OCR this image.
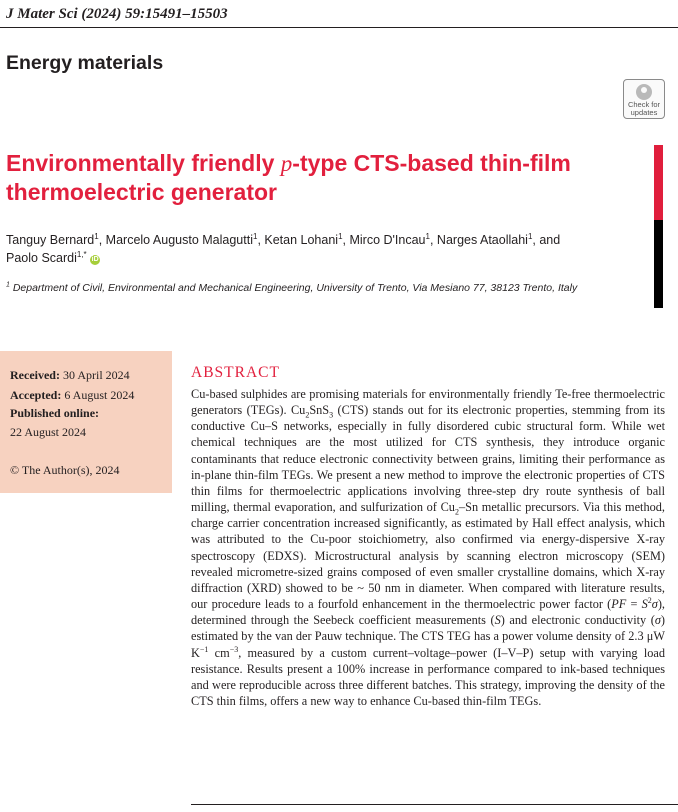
J Mater Sci (2024) 59:15491–15503
Energy materials
Check for
updates
Environmentally friendly p-type CTS-based thin-film thermoelectric generator
Tanguy Bernard$^1$, Marcelo Augusto Malagutti$^1$, Ketan Lohani$^1$, Mirco D'Incau$^1$, Narges Ataollahi$^1$, and
Paolo Scardi$^{1,*}$ iD
$^1$ Department of Civil, Environmental and Mechanical Engineering, University of Trento, Via Mesiano 77, 38123 Trento, Italy
Received: 30 April 2024
Accepted: 6 August 2024
Published online:
22 August 2024
© The Author(s), 2024
ABSTRACT
Cu-based sulphides are promising materials for environmentally friendly Te-free thermoelectric generators (TEGs). $Cu_2SnS_3$ (CTS) stands out for its electronic properties, stemming from its conductive Cu–S networks, especially in fully disordered cubic structural form. While wet chemical techniques are the most utilized for CTS synthesis, they introduce organic contaminants that reduce electronic connectivity between grains, limiting their performance as in-plane thin-film TEGs. We present a new method to improve the electronic properties of CTS thin films for thermoelectric applications involving three-step dry route synthesis of ball milling, thermal evaporation, and sulfurization of $Cu_2-Sn$ metallic precursors. Via this method, charge carrier concentration increased significantly, as estimated by Hall effect analysis, which was attributed to the Cu-poor stoichiometry, also confirmed via energy-dispersive X-ray spectroscopy (EDXS). Microstructural analysis by scanning electron microscopy (SEM) revealed micrometre-sized grains composed of even smaller crystalline domains, which X-ray diffraction (XRD) showed to be ~ 50 nm in diameter. When compared with literature results, our procedure leads to a fourfold enhancement in the thermoelectric power factor $(PF = S^2\sigma)$, determined through the Seebeck coefficient measurements (S) and electronic conductivity (σ) estimated by the van der Pauw technique. The CTS TEG has a power volume density of 2.3 μW $K^{-1}$ $cm^{-3}$, measured by a custom current–voltage–power (I–V–P) setup with varying load resistance. Results present a 100% increase in performance compared to ink-based techniques and were reproducible across three different batches. This strategy, improving the density of the CTS thin films, offers a new way to enhance Cu-based thin-film TEGs.
